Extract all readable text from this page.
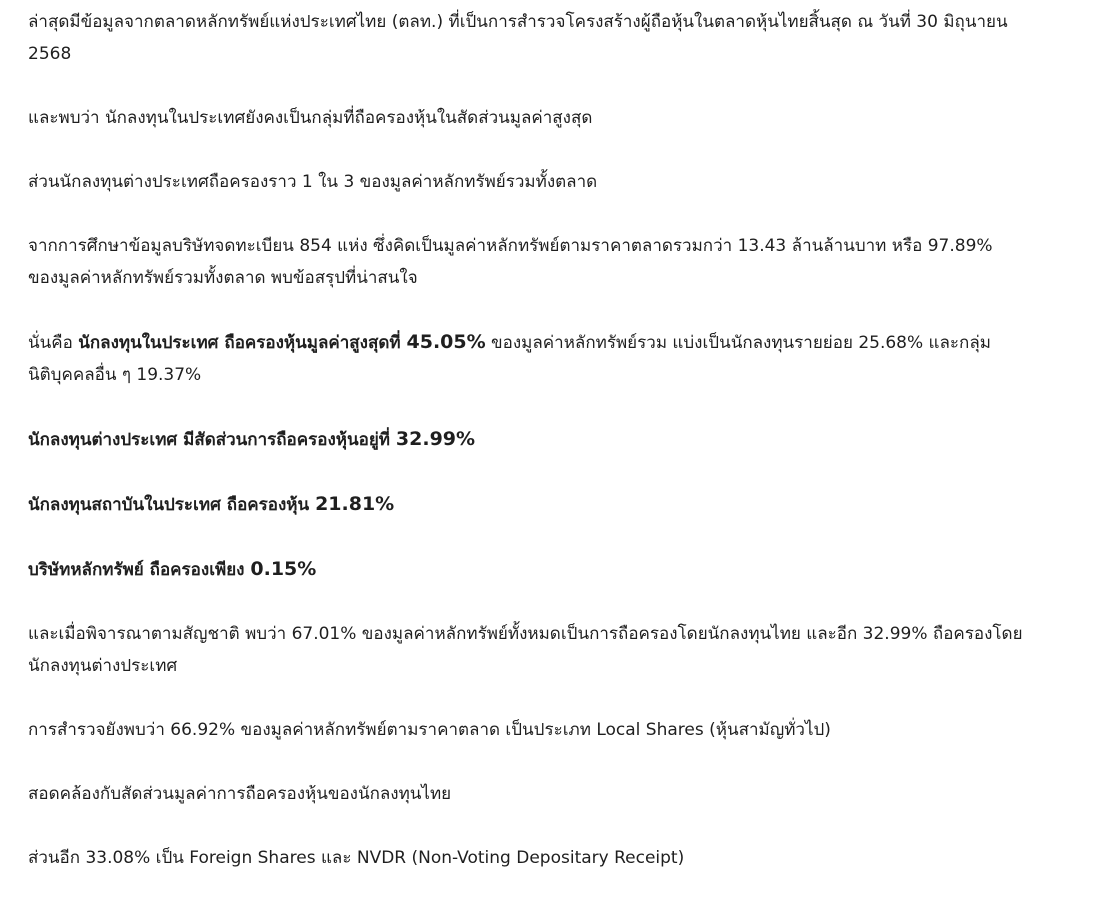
ล่าสุดมีข้อมูลจากตลาดหลักทรัพย์แห่งประเทศไทย (ตลท.) ที่เป็นการสำรวจโครงสร้างผู้ถือหุ้นในตลาดหุ้นไทยสิ้นสุด ณ วันที่ 30 มิถุนายน 2568

และพบว่า นักลงทุนในประเทศยังคงเป็นกลุ่มที่ถือครองหุ้นในสัดส่วนมูลค่าสูงสุด

ส่วนนักลงทุนต่างประเทศถือครองราว 1 ใน 3 ของมูลค่าหลักทรัพย์รวมทั้งตลาด

จากการศึกษาข้อมูลบริษัทจดทะเบียน 854 แห่ง ซึ่งคิดเป็นมูลค่าหลักทรัพย์ตามราคาตลาดรวมกว่า 13.43 ล้านล้านบาท หรือ 97.89% ของมูลค่าหลักทรัพย์รวมทั้งตลาด พบข้อสรุปที่น่าสนใจ

นั่นคือ นักลงทุนในประเทศ ถือครองหุ้นมูลค่าสูงสุดที่ 45.05% ของมูลค่าหลักทรัพย์รวม แบ่งเป็นนักลงทุนรายย่อย 25.68% และกลุ่มนิติบุคคลอื่น ๆ 19.37%

นักลงทุนต่างประเทศ มีสัดส่วนการถือครองหุ้นอยู่ที่ 32.99%

นักลงทุนสถาบันในประเทศ ถือครองหุ้น 21.81%

บริษัทหลักทรัพย์ ถือครองเพียง 0.15%

และเมื่อพิจารณาตามสัญชาติ พบว่า 67.01% ของมูลค่าหลักทรัพย์ทั้งหมดเป็นการถือครองโดยนักลงทุนไทย และอีก 32.99% ถือครองโดยนักลงทุนต่างประเทศ

การสำรวจยังพบว่า 66.92% ของมูลค่าหลักทรัพย์ตามราคาตลาด เป็นประเภท Local Shares (หุ้นสามัญทั่วไป)

สอดคล้องกับสัดส่วนมูลค่าการถือครองหุ้นของนักลงทุนไทย

ส่วนอีก 33.08% เป็น Foreign Shares และ NVDR (Non-Voting Depositary Receipt)
